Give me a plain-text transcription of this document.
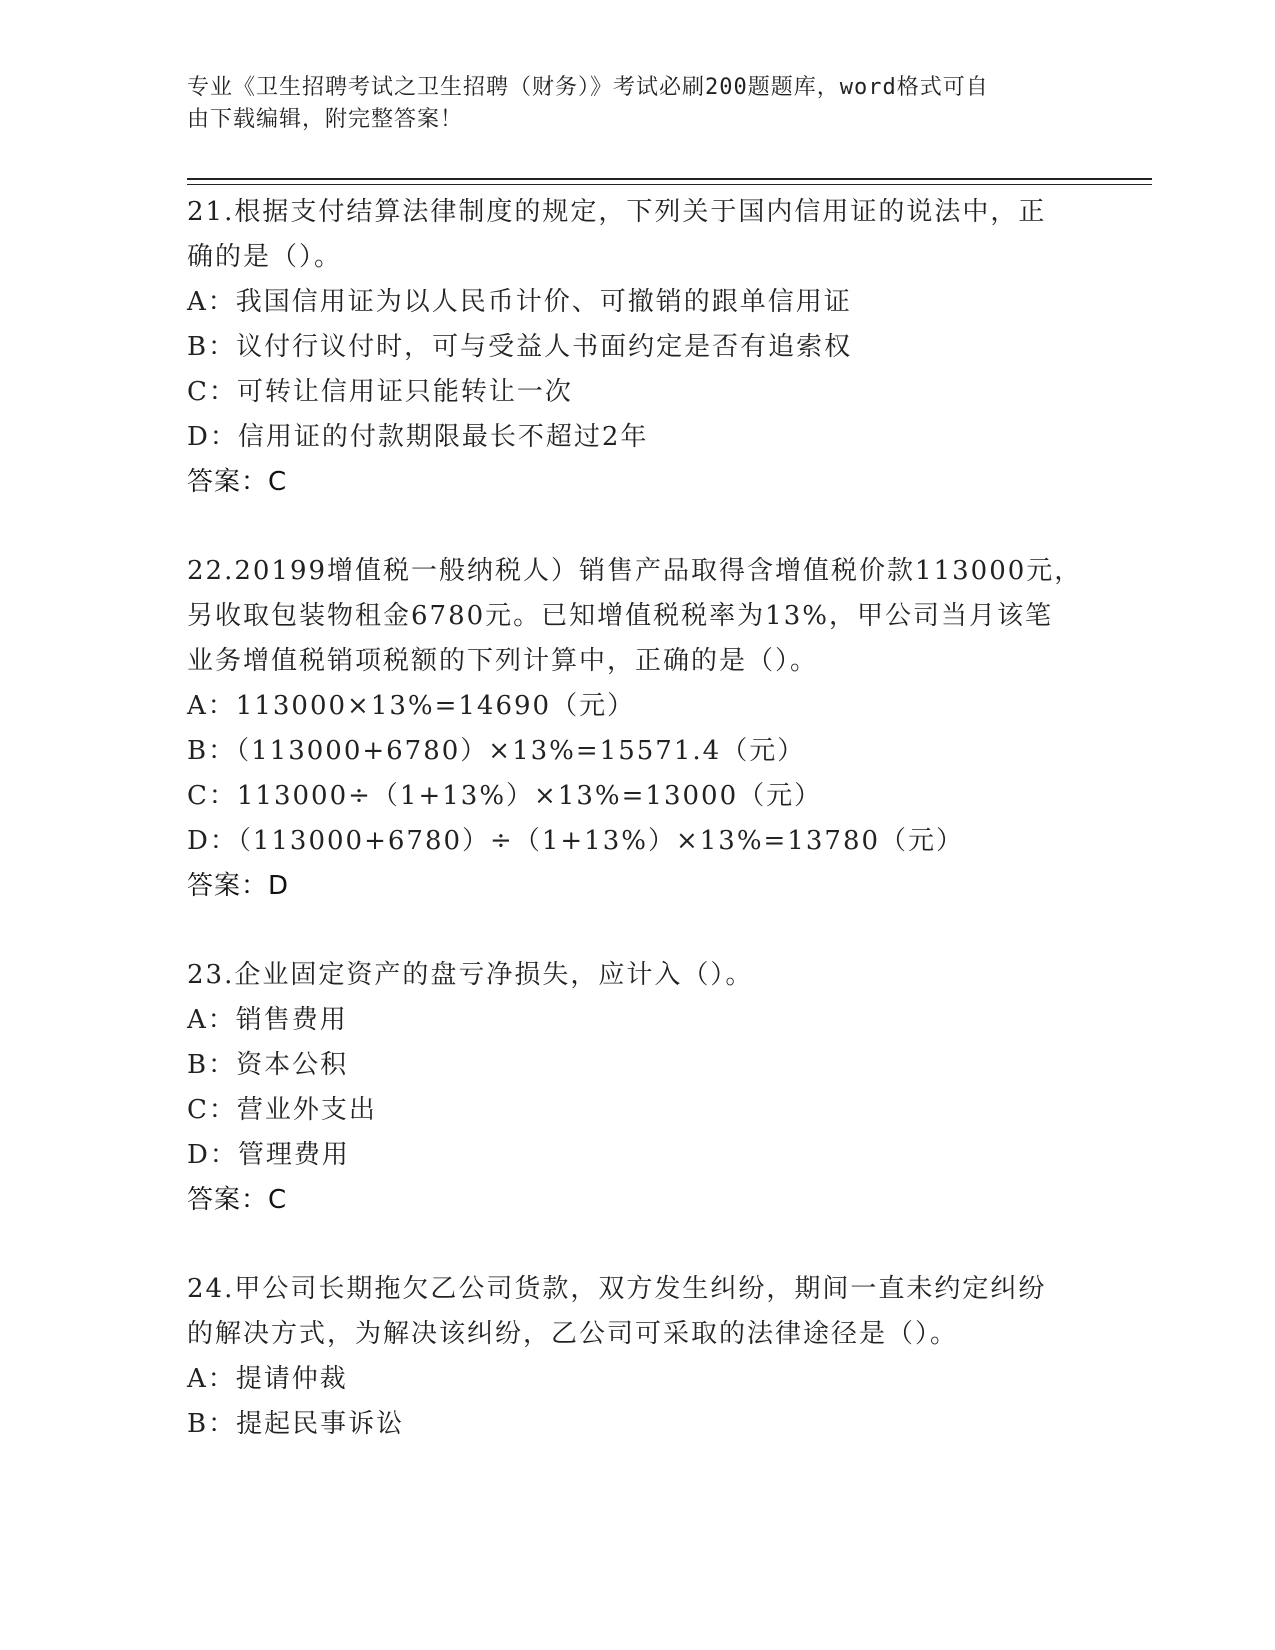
专业《卫生招聘考试之卫生招聘（财务）》考试必刷200题题库，word格式可自
由下载编辑，附完整答案！
21.根据支付结算法律制度的规定，下列关于国内信用证的说法中，正
确的是（）。
A：我国信用证为以人民币计价、可撤销的跟单信用证
B：议付行议付时，可与受益人书面约定是否有追索权
C：可转让信用证只能转让一次
D：信用证的付款期限最长不超过2年
答案：C
22.20199增值税一般纳税人）销售产品取得含增值税价款113000元，
另收取包装物租金6780元。已知增值税税率为13%，甲公司当月该笔
业务增值税销项税额的下列计算中，正确的是（）。
A：113000×13%=14690（元）
B：（113000+6780）×13%=15571.4（元）
C：113000÷（1+13%）×13%=13000（元）
D：（113000+6780）÷（1+13%）×13%=13780（元）
答案：D
23.企业固定资产的盘亏净损失，应计入（）。
A：销售费用
B：资本公积
C：营业外支出
D：管理费用
答案：C
24.甲公司长期拖欠乙公司货款，双方发生纠纷，期间一直未约定纠纷
的解决方式，为解决该纠纷，乙公司可采取的法律途径是（）。
A：提请仲裁
B：提起民事诉讼
